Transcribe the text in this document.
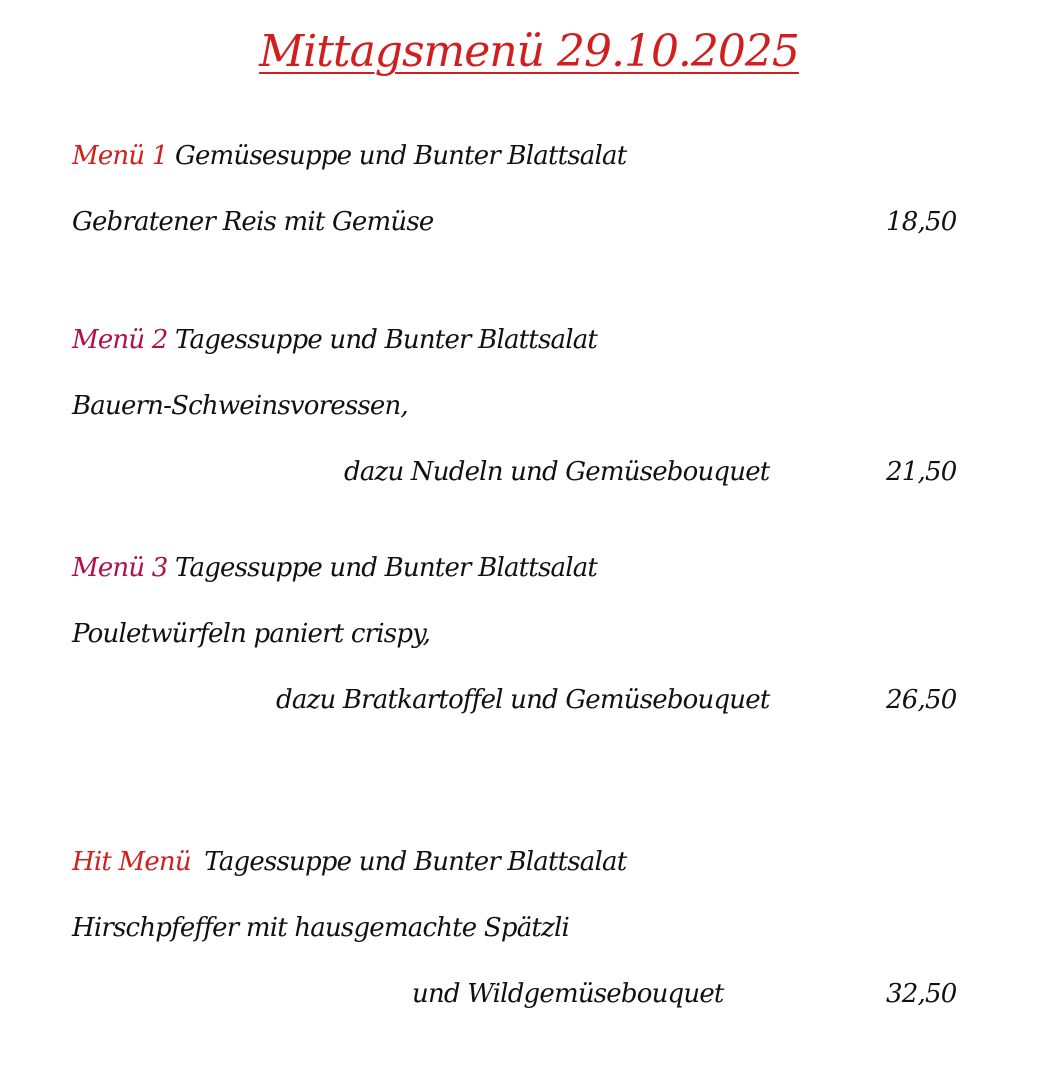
Mittagsmenü 29.10.2025
Menü 1 Gemüsesuppe und Bunter Blattsalat
Gebratener Reis mit Gemüse	18,50
Menü 2 Tagessuppe und Bunter Blattsalat
Bauern-Schweinsvoressen,
dazu Nudeln und Gemüsebouquet	21,50
Menü 3 Tagessuppe und Bunter Blattsalat
Pouletwürfeln paniert crispy,
dazu Bratkartoffel und Gemüsebouquet	26,50
Hit Menü Tagessuppe und Bunter Blattsalat
Hirschpfeffer mit hausgemachte Spätzli
und Wildgemüsebouquet	32,50
